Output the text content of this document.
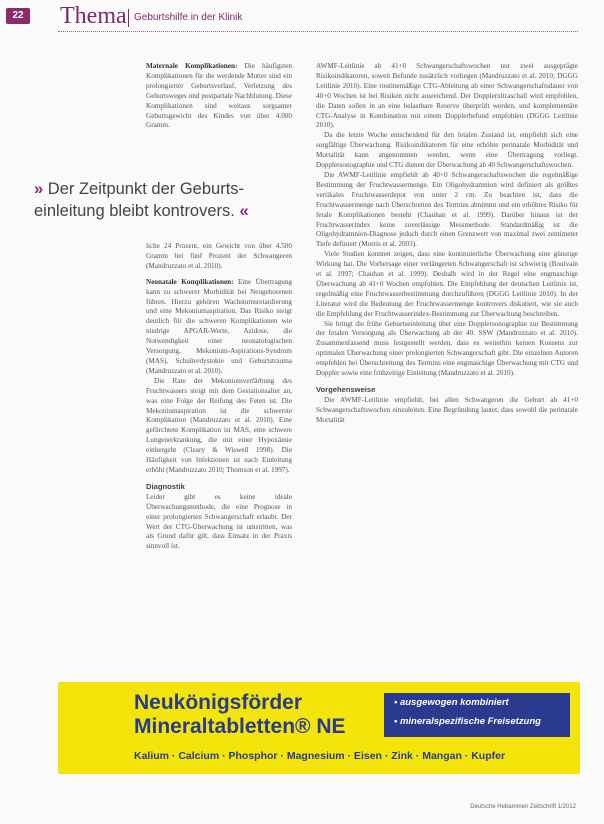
22 Thema Geburtshilfe in der Klinik

Maternale Komplikationen: Die häufigsten Komplikationen für die werdende Mutter sind ein prolongierter Geburtsverlauf, Verletzung des Geburtsweges und postpartale Nachblutung. Diese Komplikationen sind weitaus sorgsamer Geburtsgewicht des Kindes von über 4.000 Gramm.

» Der Zeitpunkt der Geburts-einleitung bleibt kontrovers. «

liche 24 Prozent, ein Gewicht von über 4.500 Gramm bei fünf Prozent der Schwangeren (Mandruzzato et al. 2010).

Neonatale Komplikationen: Eine Übertragung kann zu schwerer Morbidität bei Neugeborenen führen. Hierzu gehören Wachstumsretardierung und eine Mekoniumaspiration. Das Risiko steigt deutlich für die schweren Komplikationen wie niedrige APGAR-Werte, Azidose, die Notwendigkeit einer neonatologischen Versorgung, Mekonium-Aspirations-Syndrom (MAS), Schulterdystokie und Geburtstrauma (Mandruzzato et al. 2010).

Die Rate der Mekoniumverfärbung des Fruchtwassers steigt mit dem Gestationsalter an, was eine Folge der Reifung des Feten ist. Die Mekoniumaspiration ist die schwerste Komplikation (Mandruzzato et al. 2010). Eine gefürchtete Komplikation ist MAS, eine schwere Lungenerkrankung, die mit einer Hypoxämie einhergeht (Cleary & Wiswell 1998). Die Häufigkeit von Infektionen ist nach Einleitung erhöht (Mandruzzato 2010; Thomson et al. 1997).

Diagnostik

Leider gibt es keine ideale Überwachungsmethode, die eine Prognose in einer prolongierten Schwangerschaft erlaubt. Der Wert der CTG-Überwachung ist umstritten, was als Grund dafür gilt, dass Einsatz in der Praxis sinnvoll ist.

AWMF-Leitlinie ab 41+0 Schwangerschaftswochen nur zwei ausgeprägte Risikoindikatoren, soweit Befunde zusätzlich vorliegen (Mandruzzato et al. 2010; DGGG Leitlinie 2010). Eine routinemäßige CTG-Ableitung ab einer Schwangerschaftsdauer von 40+0 Wochen ist bei Risiken nicht ausreichend. Der Dopplerultraschall wird empfohlen, die Daten sollen in an eine belastbare Reserve überprüft werden, und komplementäre CTG-Analyse in Kombination mit einem Dopplerbefund empfohlen (DGGG Leitlinie 2010).

Da die letzte Woche entscheidend für den fetalen Zustand ist, empfiehlt sich eine sorgfältige Überwachung. Risikoindikatoren für eine erhöhte perinatale Morbidität und Mortalität kann angenommen werden, wenn eine Übertragung vorliegt. Dopplersonographie und CTG dienen der Überwachung ab 40 Schwangerschaftswochen.

Die AWMF-Leitlinie empfiehlt ab 40+0 Schwangerschaftswochen die regelmäßige Bestimmung der Fruchtwassermenge. Ein Oligohydramnion wird definiert als größtes vertikales Fruchtwasserdepot von unter 2 cm. Zu beachten ist, dass die Fruchtwassermenge nach Überschreiten des Termins abnimmt und ein erhöhtes Risiko für fetale Komplikationen besteht (Chauhan et al. 1999). Darüber hinaus ist der Fruchtwasserindex keine zuverlässige Messmethode. Standardmäßig ist die Oligohydramnion-Diagnose jedoch durch einen Grenzwert von maximal zwei zentimeter Tiefe definiert (Morris et al. 2003).

Viele Studien konnten zeigen, dass eine kontinuierliche Überwachung eine günstige Wirkung hat. Die Vorhersage einer verlängerten Schwangerschaft ist schwierig (Boulvain et al. 1997; Chauhan et al. 1999). Deshalb wird in der Regel eine engmaschige Überwachung ab 41+0 Wochen empfohlen. Die Empfehlung der deutschen Leitlinie ist, regelmäßig eine Fruchtwasserbestimmung durchzuführen (DGGG Leitlinie 2010). In der Literatur wird die Bedeutung der Fruchtwassermenge kontrovers diskutiert, wie sie auch die Empfehlung der Fruchtwasserindex-Bestimmung zur Überwachung beschreiben.

Sie bringt die frühe Geburtseinleitung über eine Dopplersonographie zur Bestimmung der fetalen Versorgung als Überwachung ab der 40. SSW (Mandruzzato et al. 2010). Zusammenfassend muss festgestellt werden, dass es weiterhin keinen Konsens zur optimalen Überwachung einer prolongierten Schwangerschaft gibt. Die einzelnen Autoren empfehlen bei Überschreitung des Termins eine engmaschige Überwachung mit CTG und Doppler sowie eine frühzeitige Einleitung (Mandruzzato et al. 2010).

Vorgehensweise

Die AWMF-Leitlinie empfiehlt, bei allen Schwangeren die Geburt ab 41+0 Schwangerschaftswochen einzuleiten. Eine Begründung lautet, dass sowohl die perinatale Mortalität

Neukönigsförder
Mineraltabletten® NE
• ausgewogen kombiniert
• mineralspezifische Freisetzung
Kalium · Calcium · Phosphor · Magnesium · Eisen · Zink · Mangan · Kupfer
Deutsche Hebammen Zeitschrift 1/2012
